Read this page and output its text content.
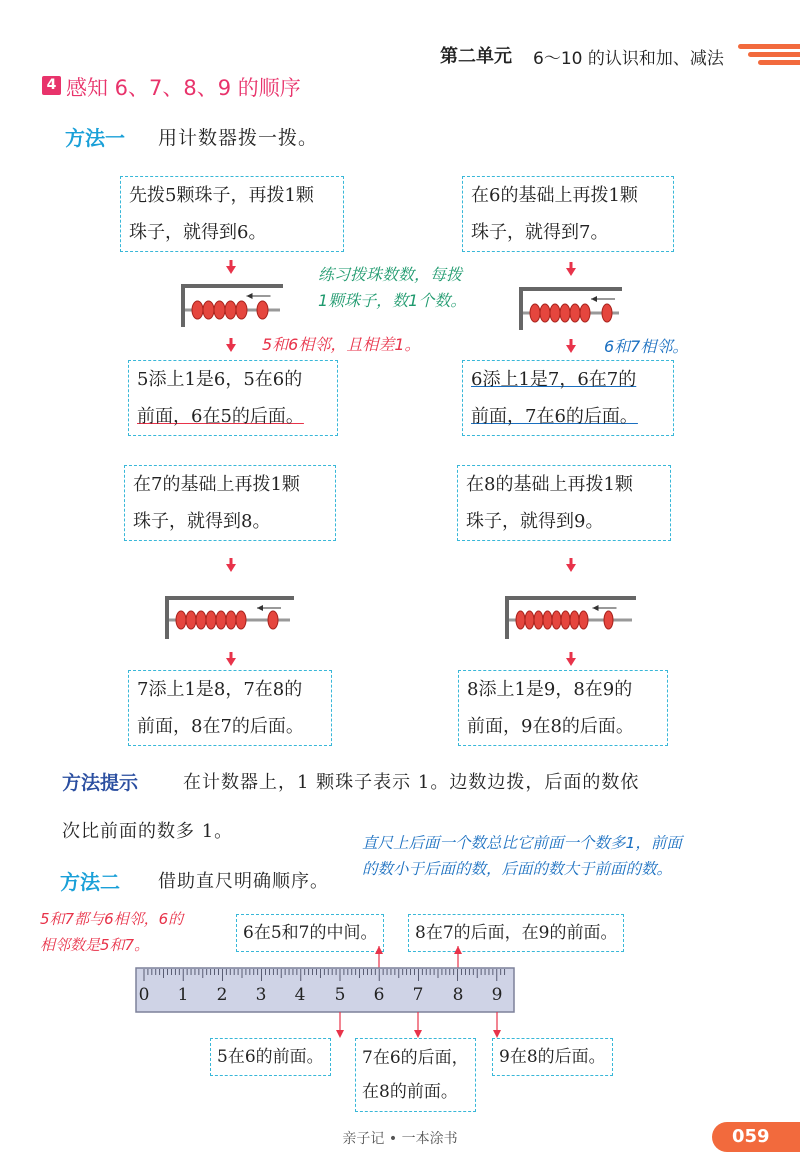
第二单元 6～10 的认识和加、减法
4 感知 6、7、8、9 的顺序
方法一 用计数器拨一拨。
先拨5颗珠子，再拨1颗
珠子，就得到6。
5添上1是6，5在6的
前面，6在5的后面。
在6的基础上再拨1颗
珠子，就得到7。
6添上1是7，6在7的
前面，7在6的后面。
练习拨珠数数，每拨
1颗珠子，数1个数。
5和6相邻，且相差1。	6和7相邻。
在7的基础上再拨1颗
珠子，就得到8。
7添上1是8，7在8的
前面，8在7的后面。
在8的基础上再拨1颗
珠子，就得到9。
8添上1是9，8在9的
前面，9在8的后面。
方法提示 在计数器上，1 颗珠子表示 1。边数边拨，后面的数依
次比前面的数多 1。
直尺上后面一个数总比它前面一个数多1，前面
的数小于后面的数，后面的数大于前面的数。
方法二 借助直尺明确顺序。
5和7都与6相邻，6的
相邻数是5和7。
6在5和7的中间。	8在7的后面，在9的前面。
0 1 2 3 4 5 6 7 8 9
5在6的前面。	7在6的后面，
在8的前面。
9在8的后面。
亲子记 • 一本涂书	059
